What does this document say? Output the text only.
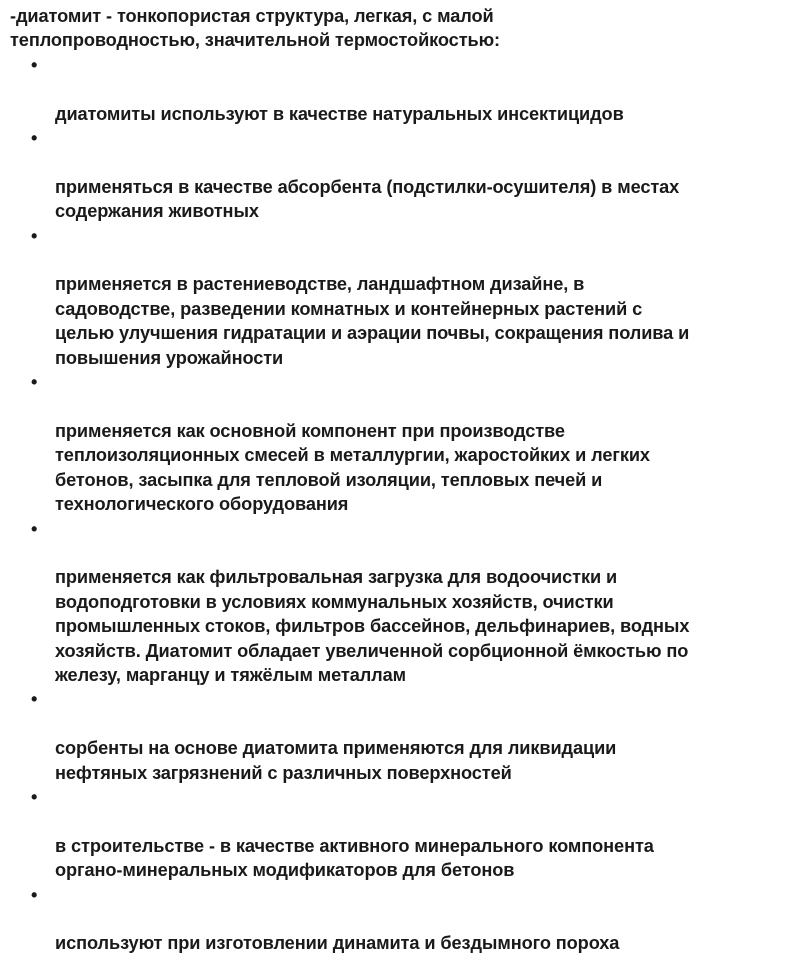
-диатомит - тонкопористая структура, легкая, с малой
теплопроводностью, значительной термостойкостью:

•

диатомиты используют в качестве натуральных инсектицидов

•

применяться в качестве абсорбента (подстилки-осушителя) в местах
содержания животных

•

применяется в растениеводстве, ландшафтном дизайне, в
садоводстве, разведении комнатных и контейнерных растений с
целью улучшения гидратации и аэрации почвы, сокращения полива и
повышения урожайности

•

применяется как основной компонент при производстве
теплоизоляционных смесей в металлургии, жаростойких и легких
бетонов, засыпка для тепловой изоляции, тепловых печей и
технологического оборудования

•

применяется как фильтровальная загрузка для водоочистки и
водоподготовки в условиях коммунальных хозяйств, очистки
промышленных стоков, фильтров бассейнов, дельфинариев, водных
хозяйств. Диатомит обладает увеличенной сорбционной ёмкостью по
железу, марганцу и тяжёлым металлам

•

сорбенты на основе диатомита применяются для ликвидации
нефтяных загрязнений с различных поверхностей

•

в строительстве - в качестве активного минерального компонента
органо-минеральных модификаторов для бетонов

•

используют при изготовлении динамита и бездымного пороха
